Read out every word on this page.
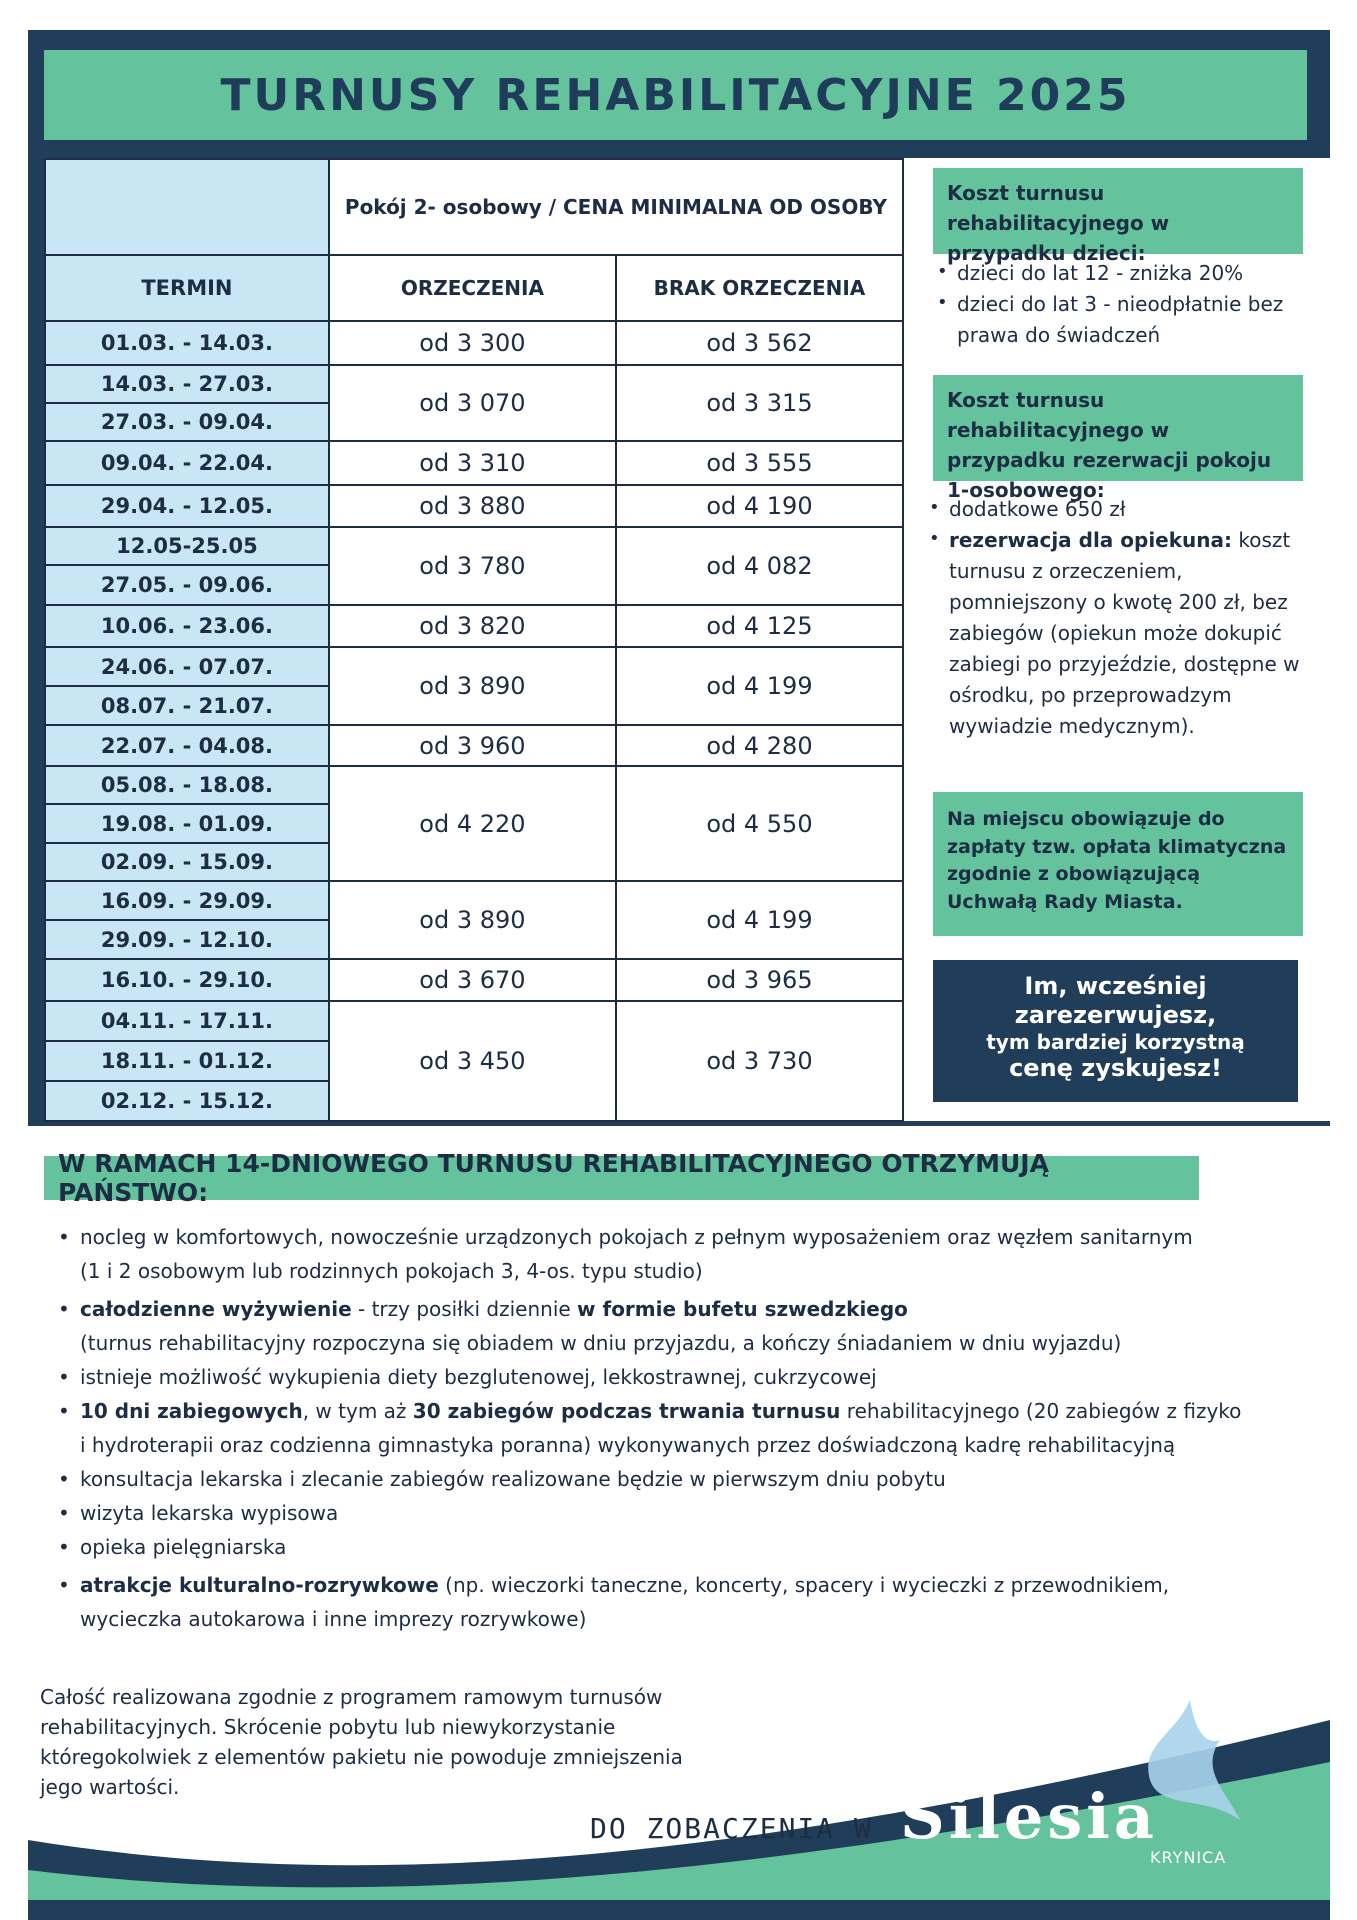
TURNUSY REHABILITACYJNE 2025
	Pokój 2- osobowy / CENA MINIMALNA OD OSOBY	
TERMIN	ORZECZENIA	BRAK ORZECZENIA
01.03. - 14.03.	od 3 300	od 3 562
14.03. - 27.03.	od 3 070	od 3 315
27.03. - 09.04.		
09.04. - 22.04.	od 3 310	od 3 555
29.04. - 12.05.	od 3 880	od 4 190
12.05-25.05	od 3 780	od 4 082
27.05. - 09.06.		
10.06. - 23.06.	od 3 820	od 4 125
24.06. - 07.07.	od 3 890	od 4 199
08.07. - 21.07.		
22.07. - 04.08.	od 3 960	od 4 280
05.08. - 18.08.	od 4 220	od 4 550
19.08. - 01.09.		
02.09. - 15.09.		
16.09. - 29.09.	od 3 890	od 4 199
29.09. - 12.10.		
16.10. - 29.10.	od 3 670	od 3 965
04.11. - 17.11.	od 3 450	od 3 730
18.11. - 01.12.		
02.12. - 15.12.		
Koszt turnusu rehabilitacyjnego w przypadku dzieci:
• dzieci do lat 12 - zniżka 20%
• dzieci do lat 3 - nieodpłatnie bez prawa do świadczeń
Koszt turnusu rehabilitacyjnego w przypadku rezerwacji pokoju 1-osobowego:
• dodatkowe 650 zł
• rezerwacja dla opiekuna: koszt turnusu z orzeczeniem, pomniejszony o kwotę 200 zł, bez zabiegów (opiekun może dokupić zabiegi po przyjeździe, dostępne w ośrodku, po przeprowadzym wywiadzie medycznym).
Na miejscu obowiązuje do zapłaty tzw. opłata klimatyczna zgodnie z obowiązującą Uchwałą Rady Miasta.
Im, wcześniej
zarezerwujesz,
tym bardziej korzystną
cenę zyskujesz!
W RAMACH 14-DNIOWEGO TURNUSU REHABILITACYJNEGO OTRZYMUJĄ PAŃSTWO:
• nocleg w komfortowych, nowocześnie urządzonych pokojach z pełnym wyposażeniem oraz węzłem sanitarnym
(1 i 2 osobowym lub rodzinnych pokojach 3, 4-os. typu studio)
• całodzienne wyżywienie - trzy posiłki dziennie w formie bufetu szwedzkiego
(turnus rehabilitacyjny rozpoczyna się obiadem w dniu przyjazdu, a kończy śniadaniem w dniu wyjazdu)
• istnieje możliwość wykupienia diety bezglutenowej, lekkostrawnej, cukrzycowej
• 10 dni zabiegowych, w tym aż 30 zabiegów podczas trwania turnusu rehabilitacyjnego (20 zabiegów z fizyko
i hydroterapii oraz codzienna gimnastyka poranna) wykonywanych przez doświadczoną kadrę rehabilitacyjną
• konsultacja lekarska i zlecanie zabiegów realizowane będzie w pierwszym dniu pobytu
• wizyta lekarska wypisowa
• opieka pielęgniarska
• atrakcje kulturalno-rozrywkowe (np. wieczorki taneczne, koncerty, spacery i wycieczki z przewodnikiem,
wycieczka autokarowa i inne imprezy rozrywkowe)
Całość realizowana zgodnie z programem ramowym turnusów rehabilitacyjnych. Skrócenie pobytu lub niewykorzystanie któregokolwiek z elementów pakietu nie powoduje zmniejszenia jego wartości.
DO ZOBACZENIA W Silesia
KRYNICA
